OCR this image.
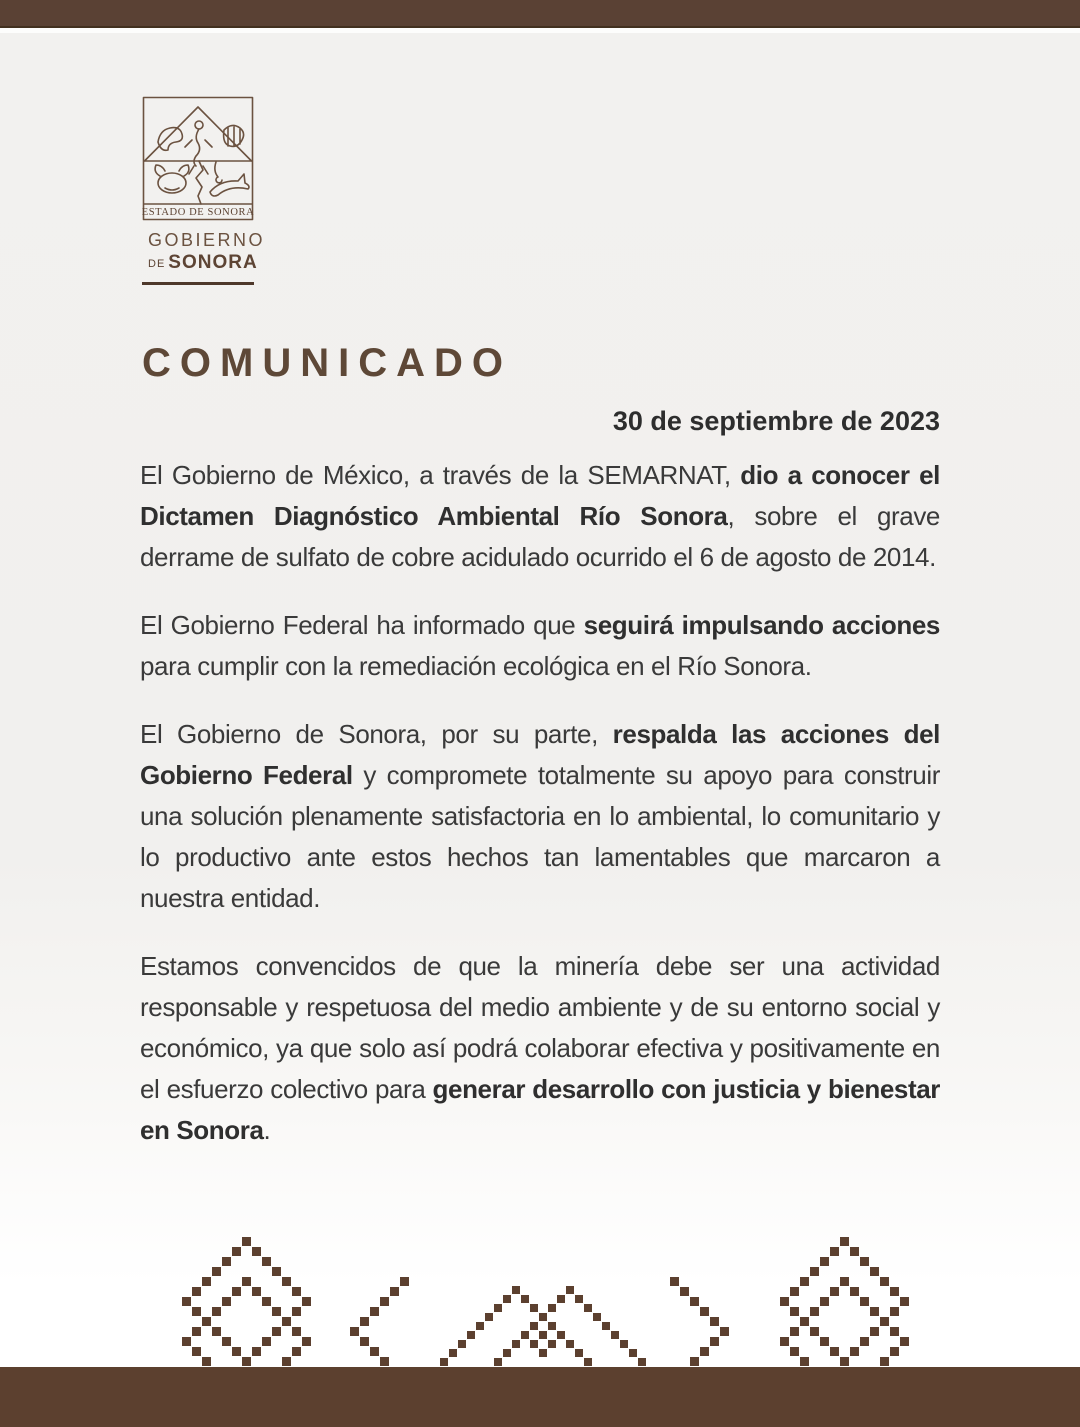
ESTADO DE SONORA
GOBIERNO
DE SONORA
COMUNICADO
30 de septiembre de 2023

El Gobierno de México, a través de la SEMARNAT, dio a conocer el Dictamen Diagnóstico Ambiental Río Sonora, sobre el grave derrame de sulfato de cobre acidulado ocurrido el 6 de agosto de 2014.

El Gobierno Federal ha informado que seguirá impulsando acciones para cumplir con la remediación ecológica en el Río Sonora.

El Gobierno de Sonora, por su parte, respalda las acciones del Gobierno Federal y compromete totalmente su apoyo para construir una solución plenamente satisfactoria en lo ambiental, lo comunitario y lo productivo ante estos hechos tan lamentables que marcaron a nuestra entidad.

Estamos convencidos de que la minería debe ser una actividad responsable y respetuosa del medio ambiente y de su entorno social y económico, ya que solo así podrá colaborar efectiva y positivamente en el esfuerzo colectivo para generar desarrollo con justicia y bienestar en Sonora.
